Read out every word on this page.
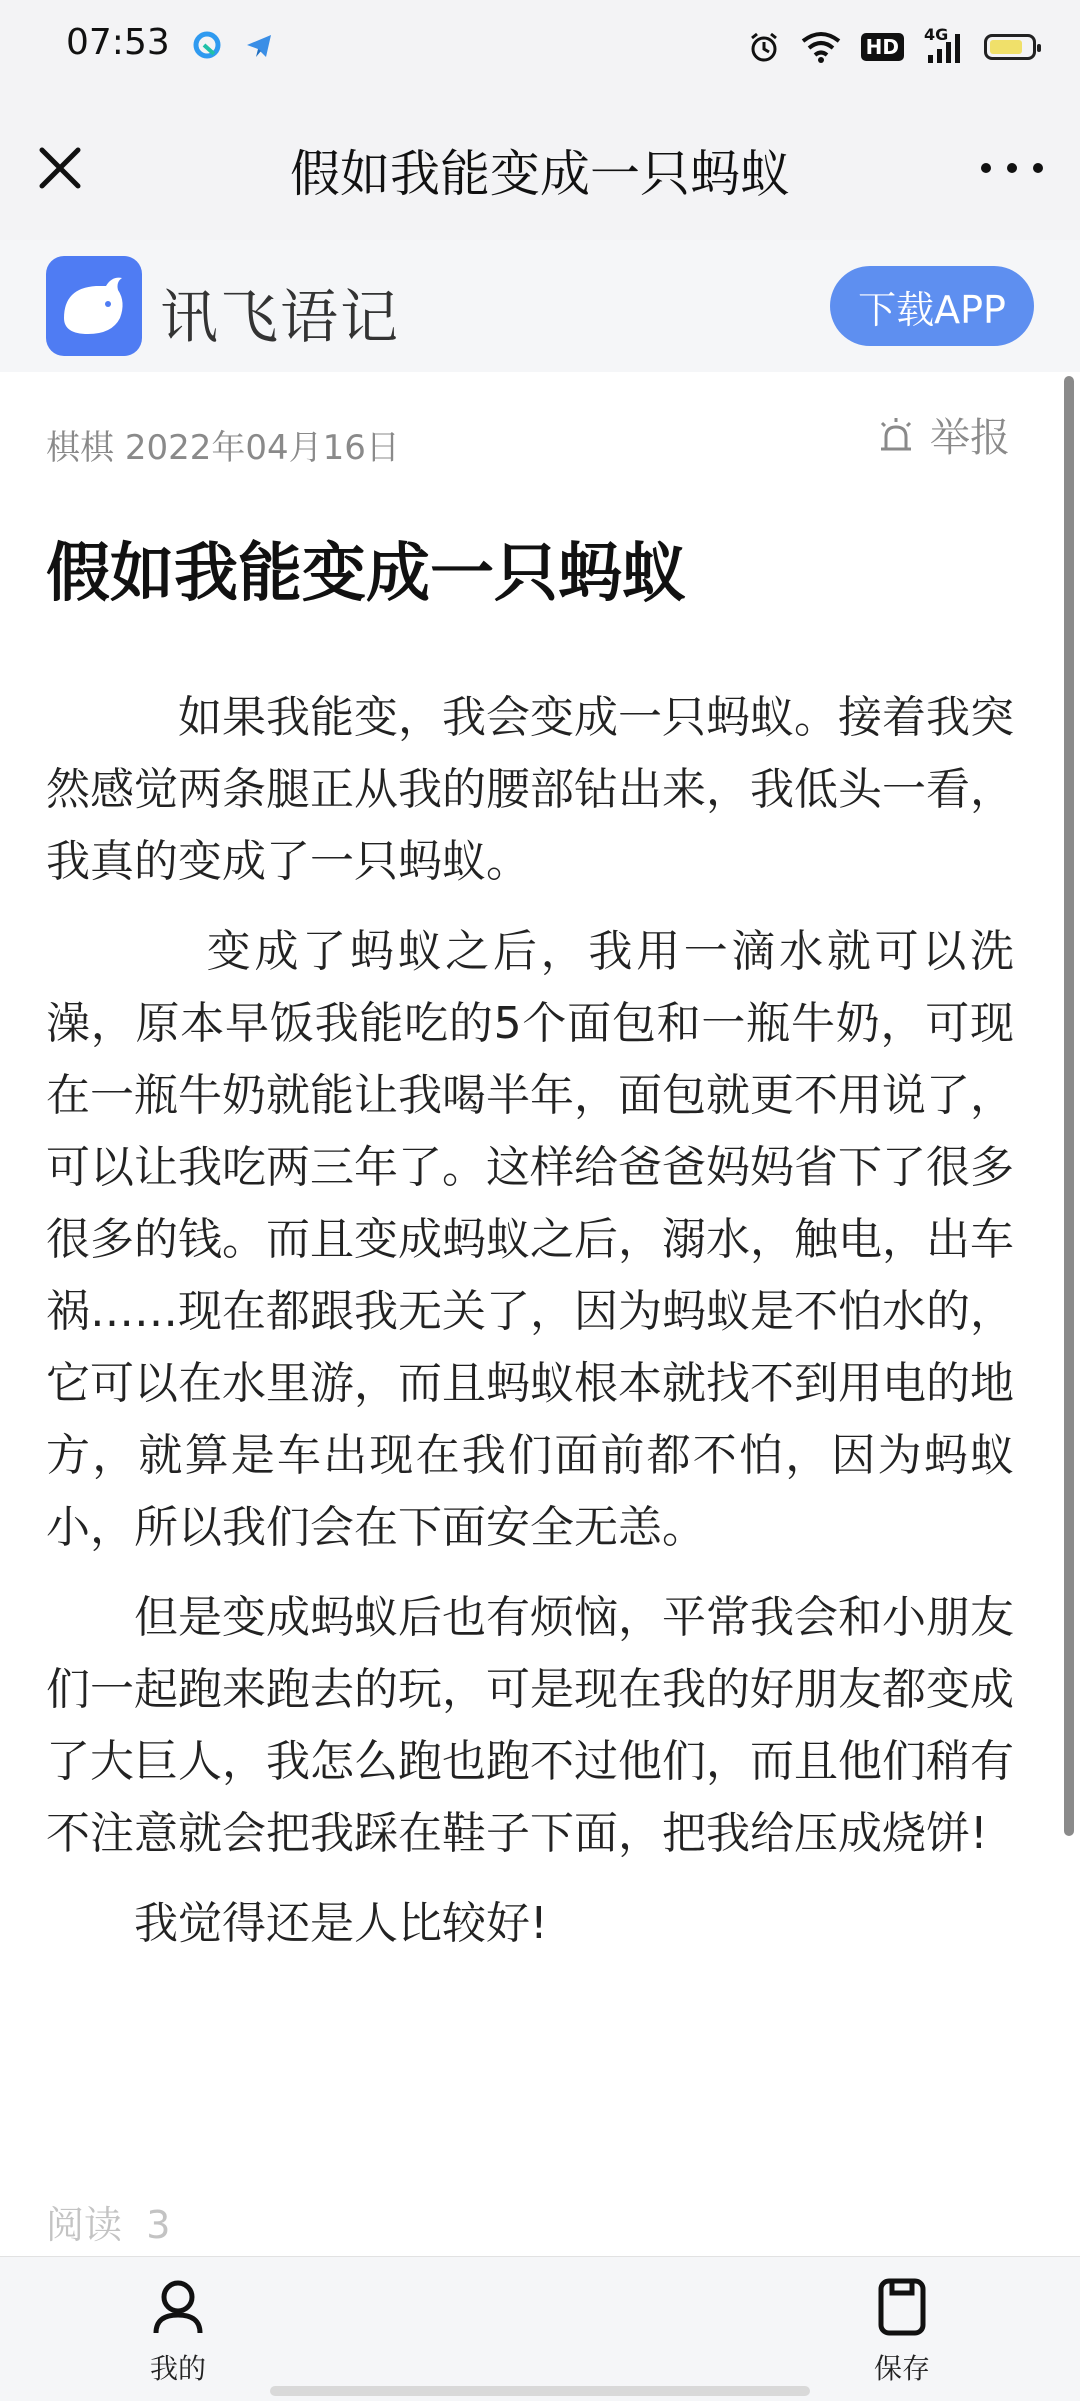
07:53	HD
4G
假如我能变成一只蚂蚁
讯飞语记	下载APP
棋棋 2022年04月16日	举报
假如我能变成一只蚂蚁

　　　如果我能变，我会变成一只蚂蚁。接着我突然感觉两条腿正从我的腰部钻出来，我低头一看，我真的变成了一只蚂蚁。

　　　 变成了蚂蚁之后，我用一滴水就可以洗澡，原本早饭我能吃的5个面包和一瓶牛奶，可现在一瓶牛奶就能让我喝半年，面包就更不用说了，可以让我吃两三年了。这样给爸爸妈妈省下了很多很多的钱。而且变成蚂蚁之后，溺水，触电，出车祸……现在都跟我无关了，因为蚂蚁是不怕水的，它可以在水里游，而且蚂蚁根本就找不到用电的地方，就算是车出现在我们面前都不怕，因为蚂蚁小，所以我们会在下面安全无恙。

　　但是变成蚂蚁后也有烦恼，平常我会和小朋友们一起跑来跑去的玩，可是现在我的好朋友都变成了大巨人，我怎么跑也跑不过他们，而且他们稍有不注意就会把我踩在鞋子下面，把我给压成烧饼!

　　我觉得还是人比较好!

阅读 3
我的	保存
